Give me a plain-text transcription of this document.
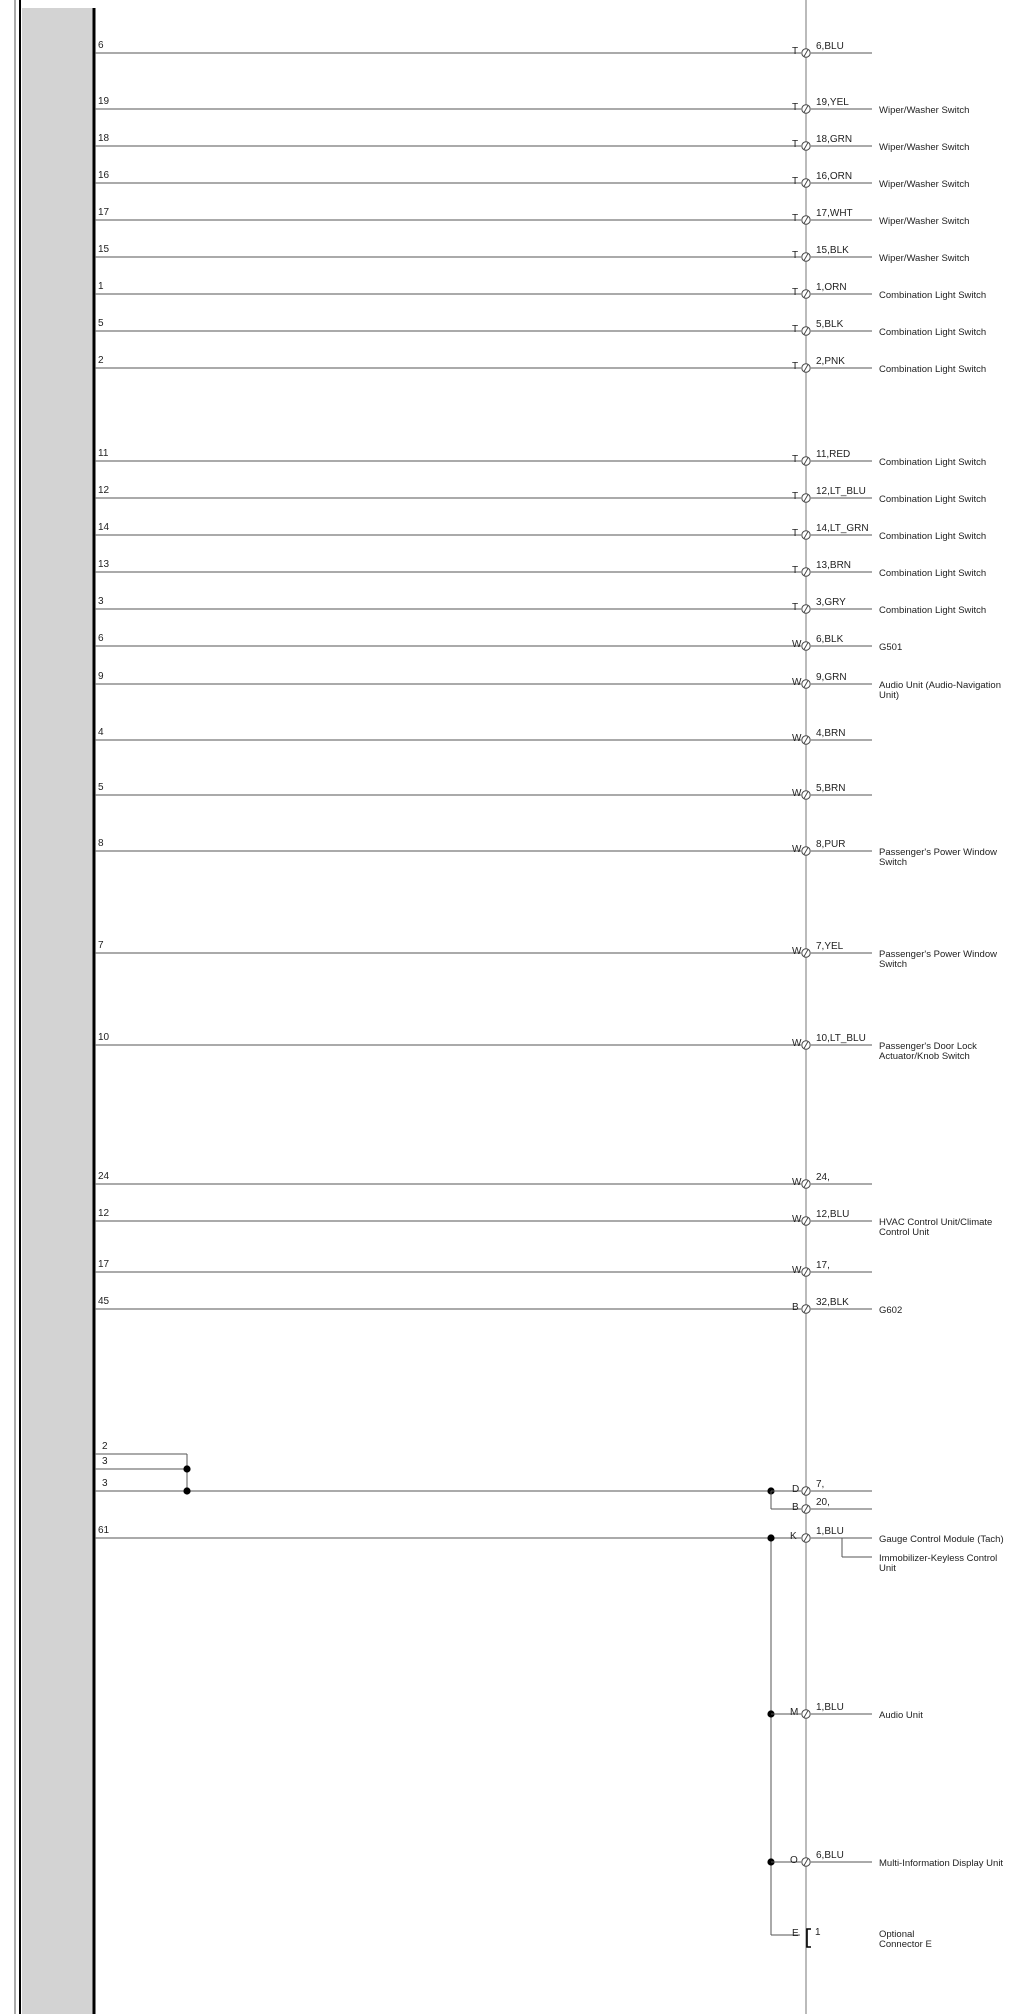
6
T 6,BLU
19
T 19,YEL
Wiper/Washer Switch
18
T 18,GRN
Wiper/Washer Switch
16
T 16,ORN
Wiper/Washer Switch
17
T 17,WHT
Wiper/Washer Switch
15
T 15,BLK
Wiper/Washer Switch
1
T 1,ORN
Combination Light Switch
5
T 5,BLK
Combination Light Switch
2
T 2,PNK
Combination Light Switch
11
T 11,RED
Combination Light Switch
12
T 12,LT_BLU
Combination Light Switch
14
T 14,LT_GRN
Combination Light Switch
13
T 13,BRN
Combination Light Switch
3
T 3,GRY
Combination Light Switch
6
W 6,BLK
G501
9
W 9,GRN
Audio Unit (Audio-Navigation
Unit)
4
W 4,BRN
5
W 5,BRN
8
W 8,PUR
Passenger's Power Window
Switch
7
W 7,YEL
Passenger's Power Window
Switch
10
W 10,LT_BLU
Passenger's Door Lock
Actuator/Knob Switch
24
W 24,
12
W 12,BLU
HVAC Control Unit/Climate
Control Unit
17
W 17,
45
B 32,BLK
G602
2
3
3
D 7,
B 20,
61
K 1,BLU
Gauge Control Module (Tach)
M 1,BLU
Audio Unit
O 6,BLU
Multi-Information Display Unit
Immobilizer-Keyless Control
Unit
E 1	Optional
Connector E
